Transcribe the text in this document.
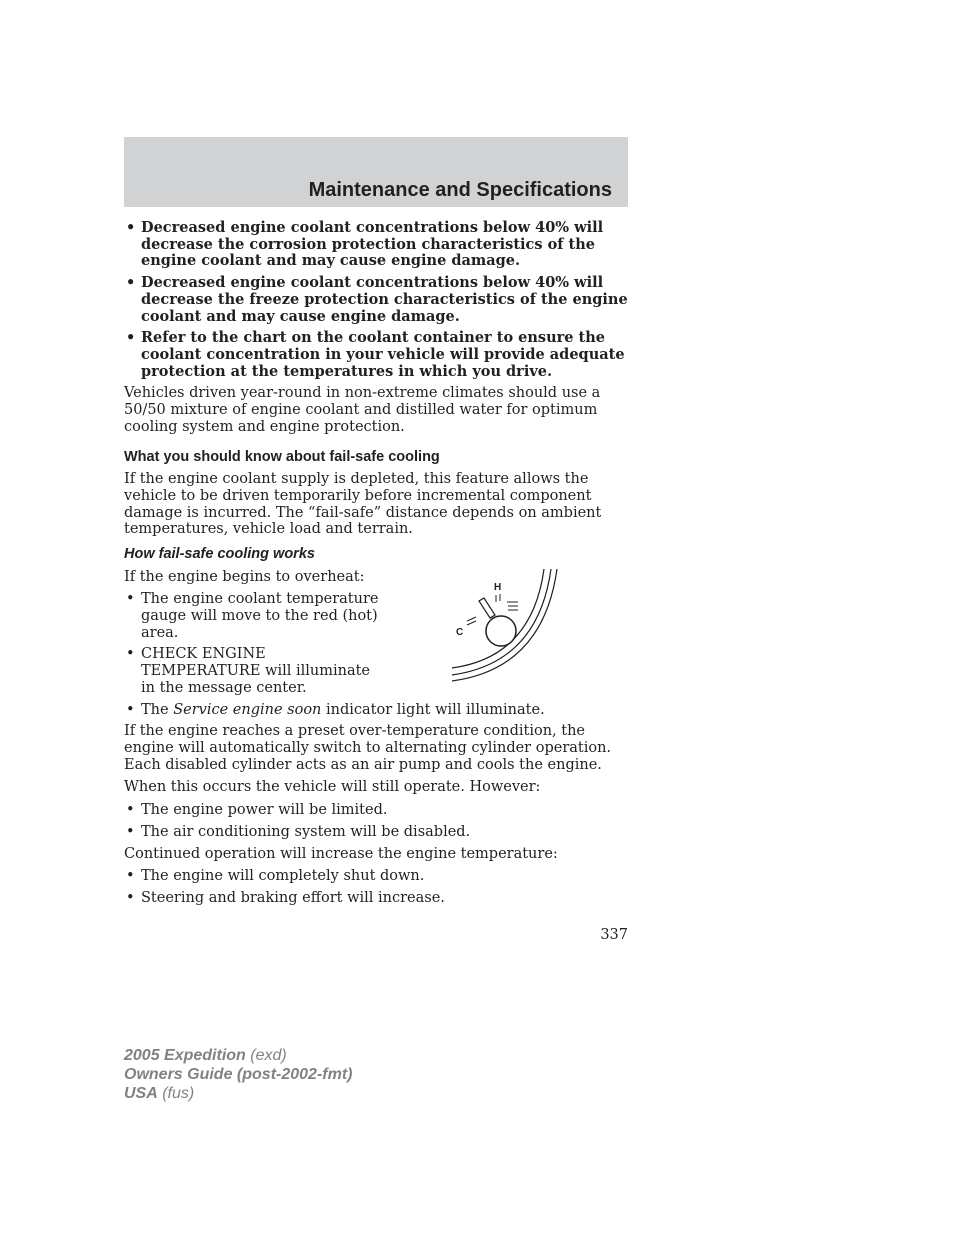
Maintenance and Specifications
• Decreased engine coolant concentrations below 40% will decrease the corrosion protection characteristics of the engine coolant and may cause engine damage.
• Decreased engine coolant concentrations below 40% will decrease the freeze protection characteristics of the engine coolant and may cause engine damage.
• Refer to the chart on the coolant container to ensure the coolant concentration in your vehicle will provide adequate protection at the temperatures in which you drive.

Vehicles driven year-round in non-extreme climates should use a 50/50 mixture of engine coolant and distilled water for optimum cooling system and engine protection.

What you should know about fail-safe cooling

If the engine coolant supply is depleted, this feature allows the vehicle to be driven temporarily before incremental component damage is incurred. The “fail-safe” distance depends on ambient temperatures, vehicle load and terrain.

How fail-safe cooling works

If the engine begins to overheat:

• The engine coolant temperature gauge will move to the red (hot) area.
• CHECK ENGINE TEMPERATURE will illuminate in the message center.
H
C
• The Service engine soon indicator light will illuminate.

If the engine reaches a preset over-temperature condition, the engine will automatically switch to alternating cylinder operation. Each disabled cylinder acts as an air pump and cools the engine.

When this occurs the vehicle will still operate. However:

• The engine power will be limited.
• The air conditioning system will be disabled.

Continued operation will increase the engine temperature:

• The engine will completely shut down.
• Steering and braking effort will increase.
337
2005 Expedition (exd)
Owners Guide (post-2002-fmt)
USA (fus)
